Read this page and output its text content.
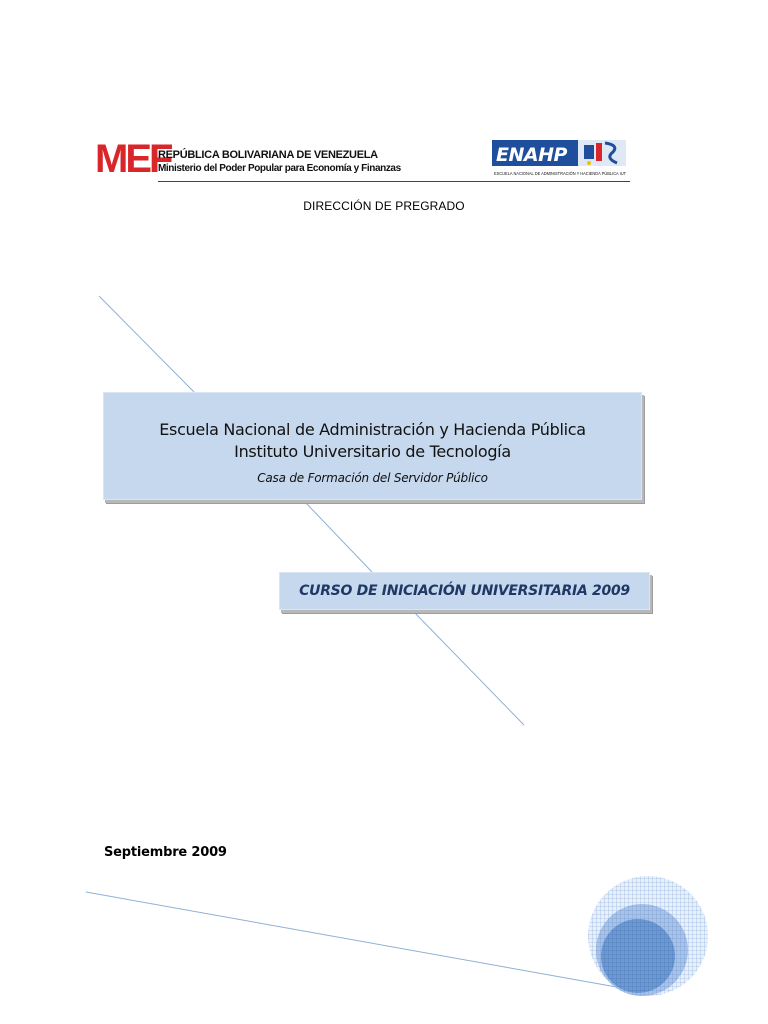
MEF
REPÚBLICA BOLIVARIANA DE VENEZUELA
Ministerio del Poder Popular para Economía y Finanzas
ENAHP
ESCUELA NACIONAL DE ADMINISTRACIÓN Y HACIENDA PÚBLICA IUT
DIRECCIÓN DE PREGRADO
Escuela Nacional de Administración y Hacienda Pública
Instituto Universitario de Tecnología
Casa de Formación del Servidor Público
CURSO DE INICIACIÓN UNIVERSITARIA 2009
Septiembre 2009
